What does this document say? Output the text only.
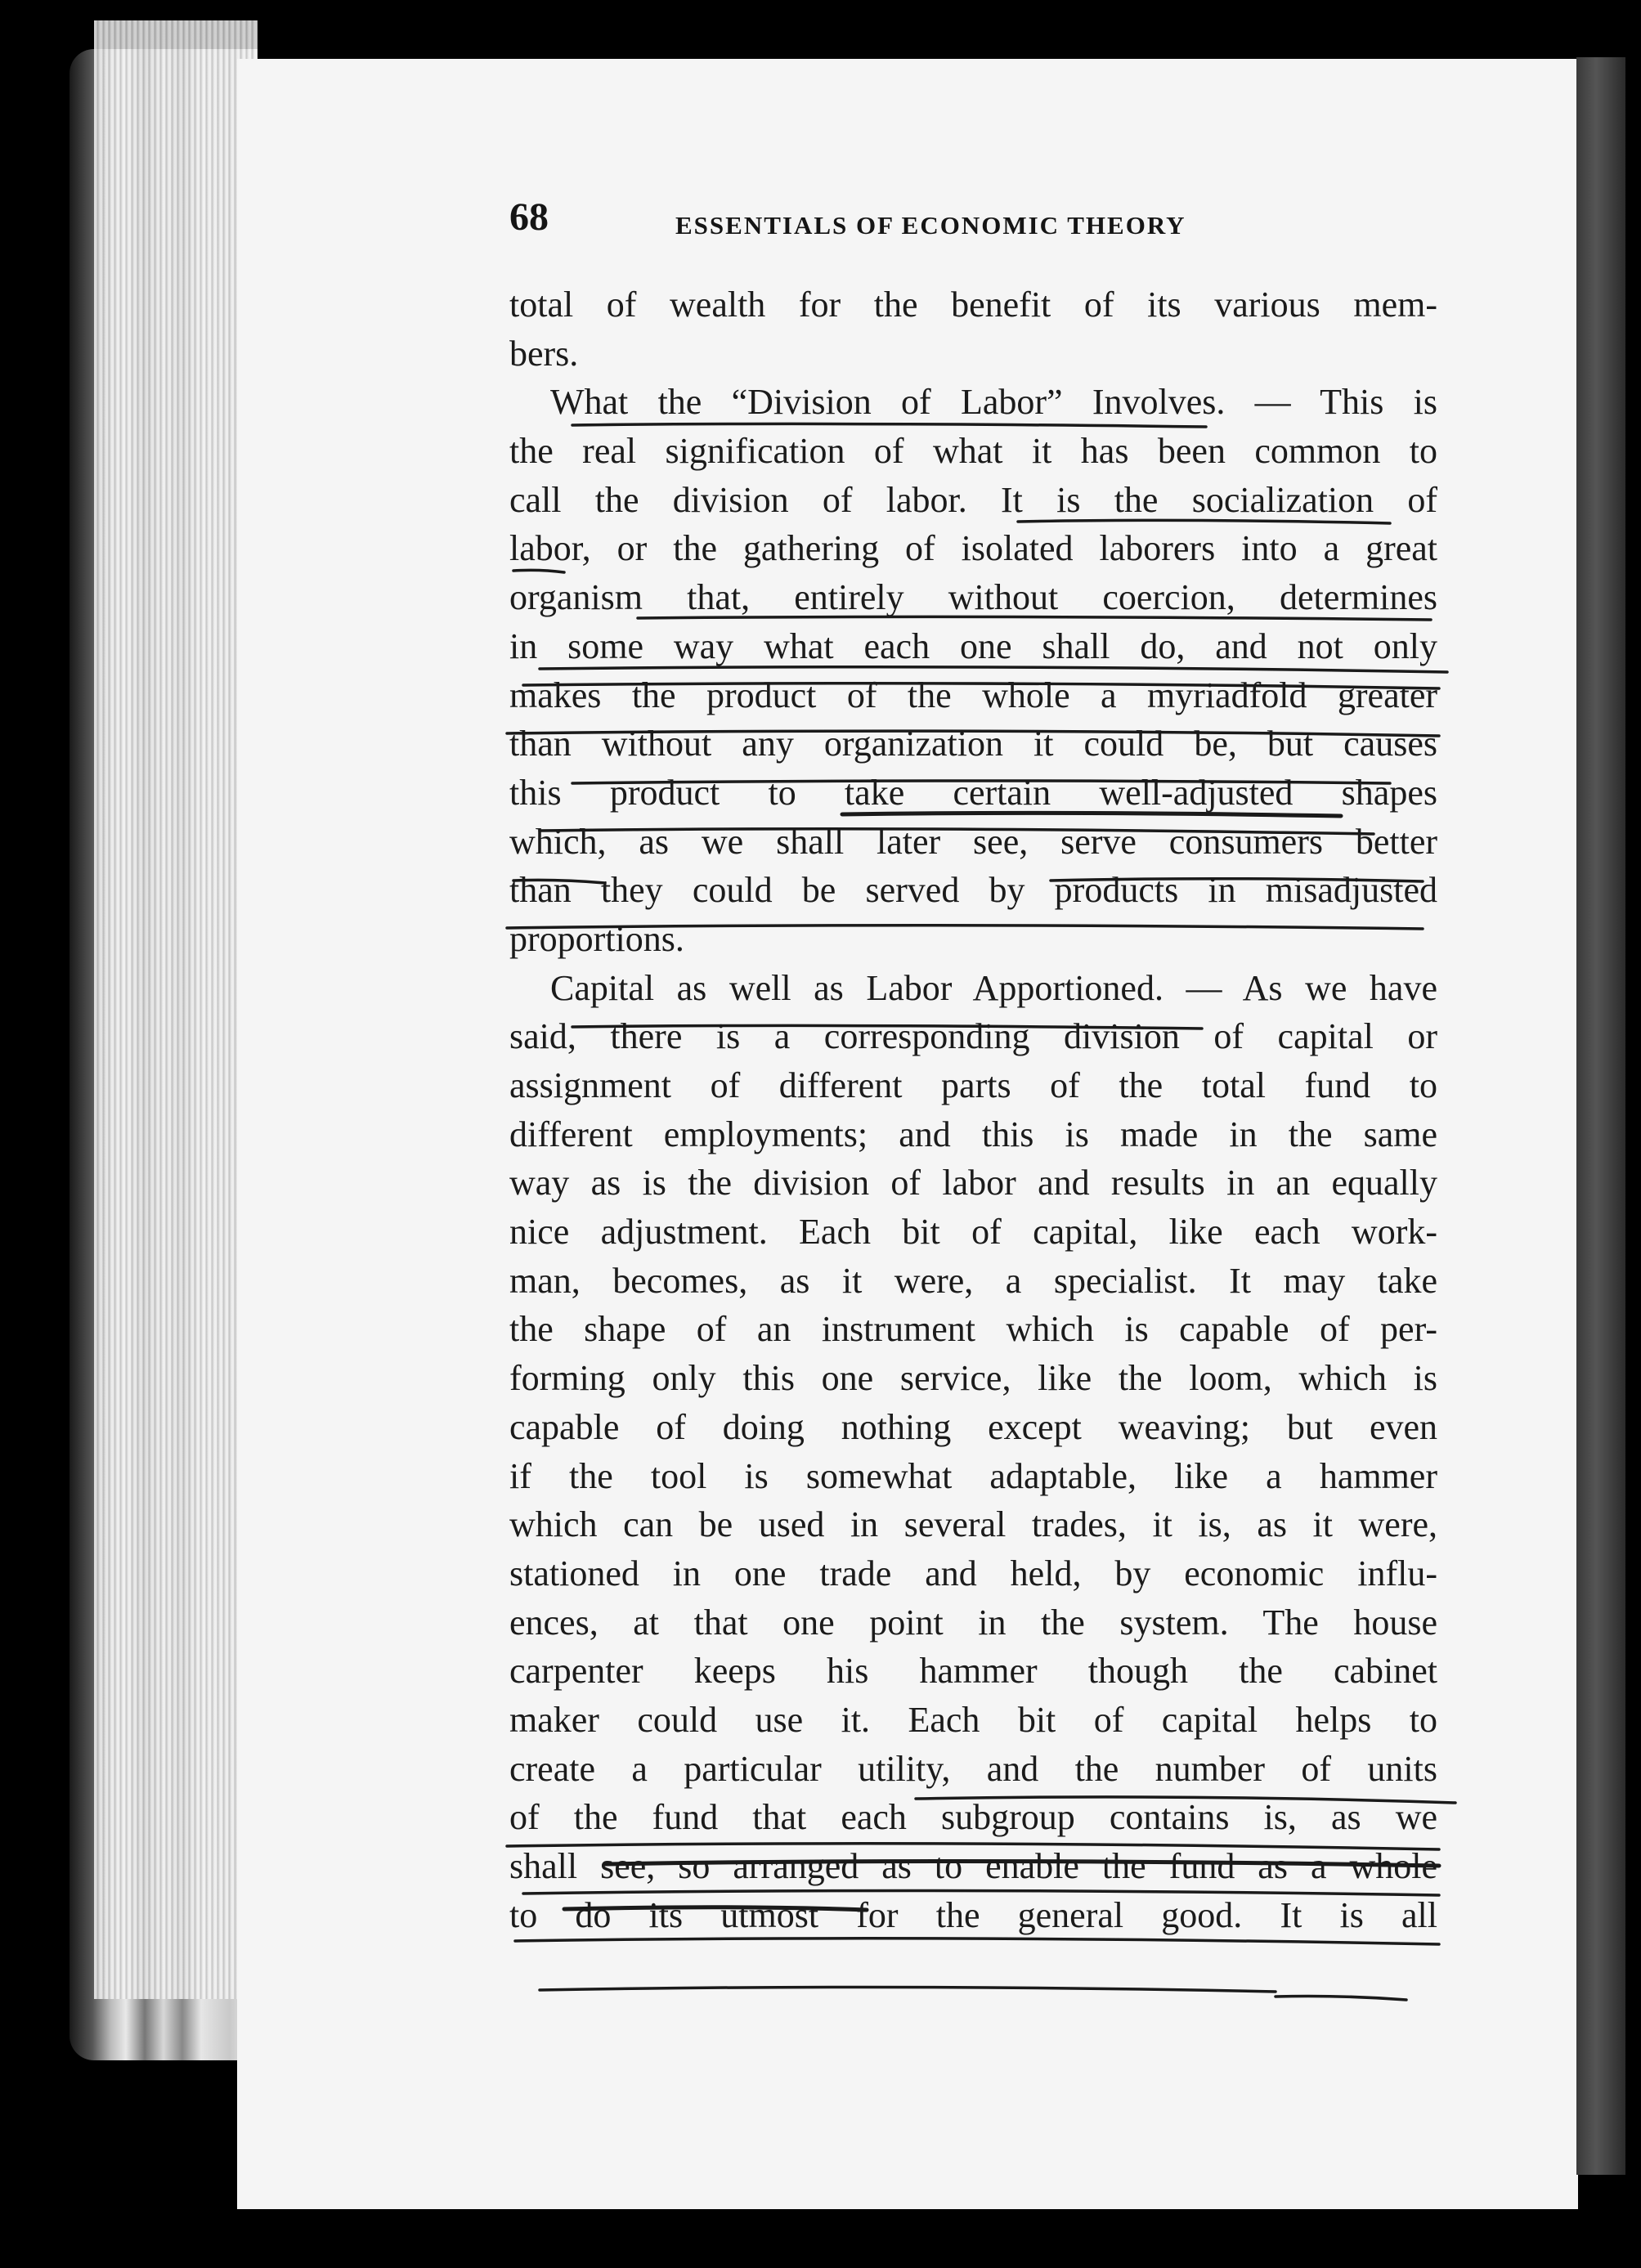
68	ESSENTIALS OF ECONOMIC THEORY
total of wealth for the benefit of its various mem-
bers.
What the “Division of Labor” Involves. — This is
the real signification of what it has been common to
call the division of labor. It is the socialization of
labor, or the gathering of isolated laborers into a great
organism that, entirely without coercion, determines
in some way what each one shall do, and not only
makes the product of the whole a myriadfold greater
than without any organization it could be, but causes
this product to take certain well-adjusted shapes
which, as we shall later see, serve consumers better
than they could be served by products in misadjusted
proportions.
Capital as well as Labor Apportioned. — As we have
said, there is a corresponding division of capital or
assignment of different parts of the total fund to
different employments; and this is made in the same
way as is the division of labor and results in an equally
nice adjustment. Each bit of capital, like each work-
man, becomes, as it were, a specialist. It may take
the shape of an instrument which is capable of per-
forming only this one service, like the loom, which is
capable of doing nothing except weaving; but even
if the tool is somewhat adaptable, like a hammer
which can be used in several trades, it is, as it were,
stationed in one trade and held, by economic influ-
ences, at that one point in the system. The house
carpenter keeps his hammer though the cabinet
maker could use it. Each bit of capital helps to
create a particular utility, and the number of units
of the fund that each subgroup contains is, as we
shall see, so arranged as to enable the fund as a whole
to do its utmost for the general good. It is all
